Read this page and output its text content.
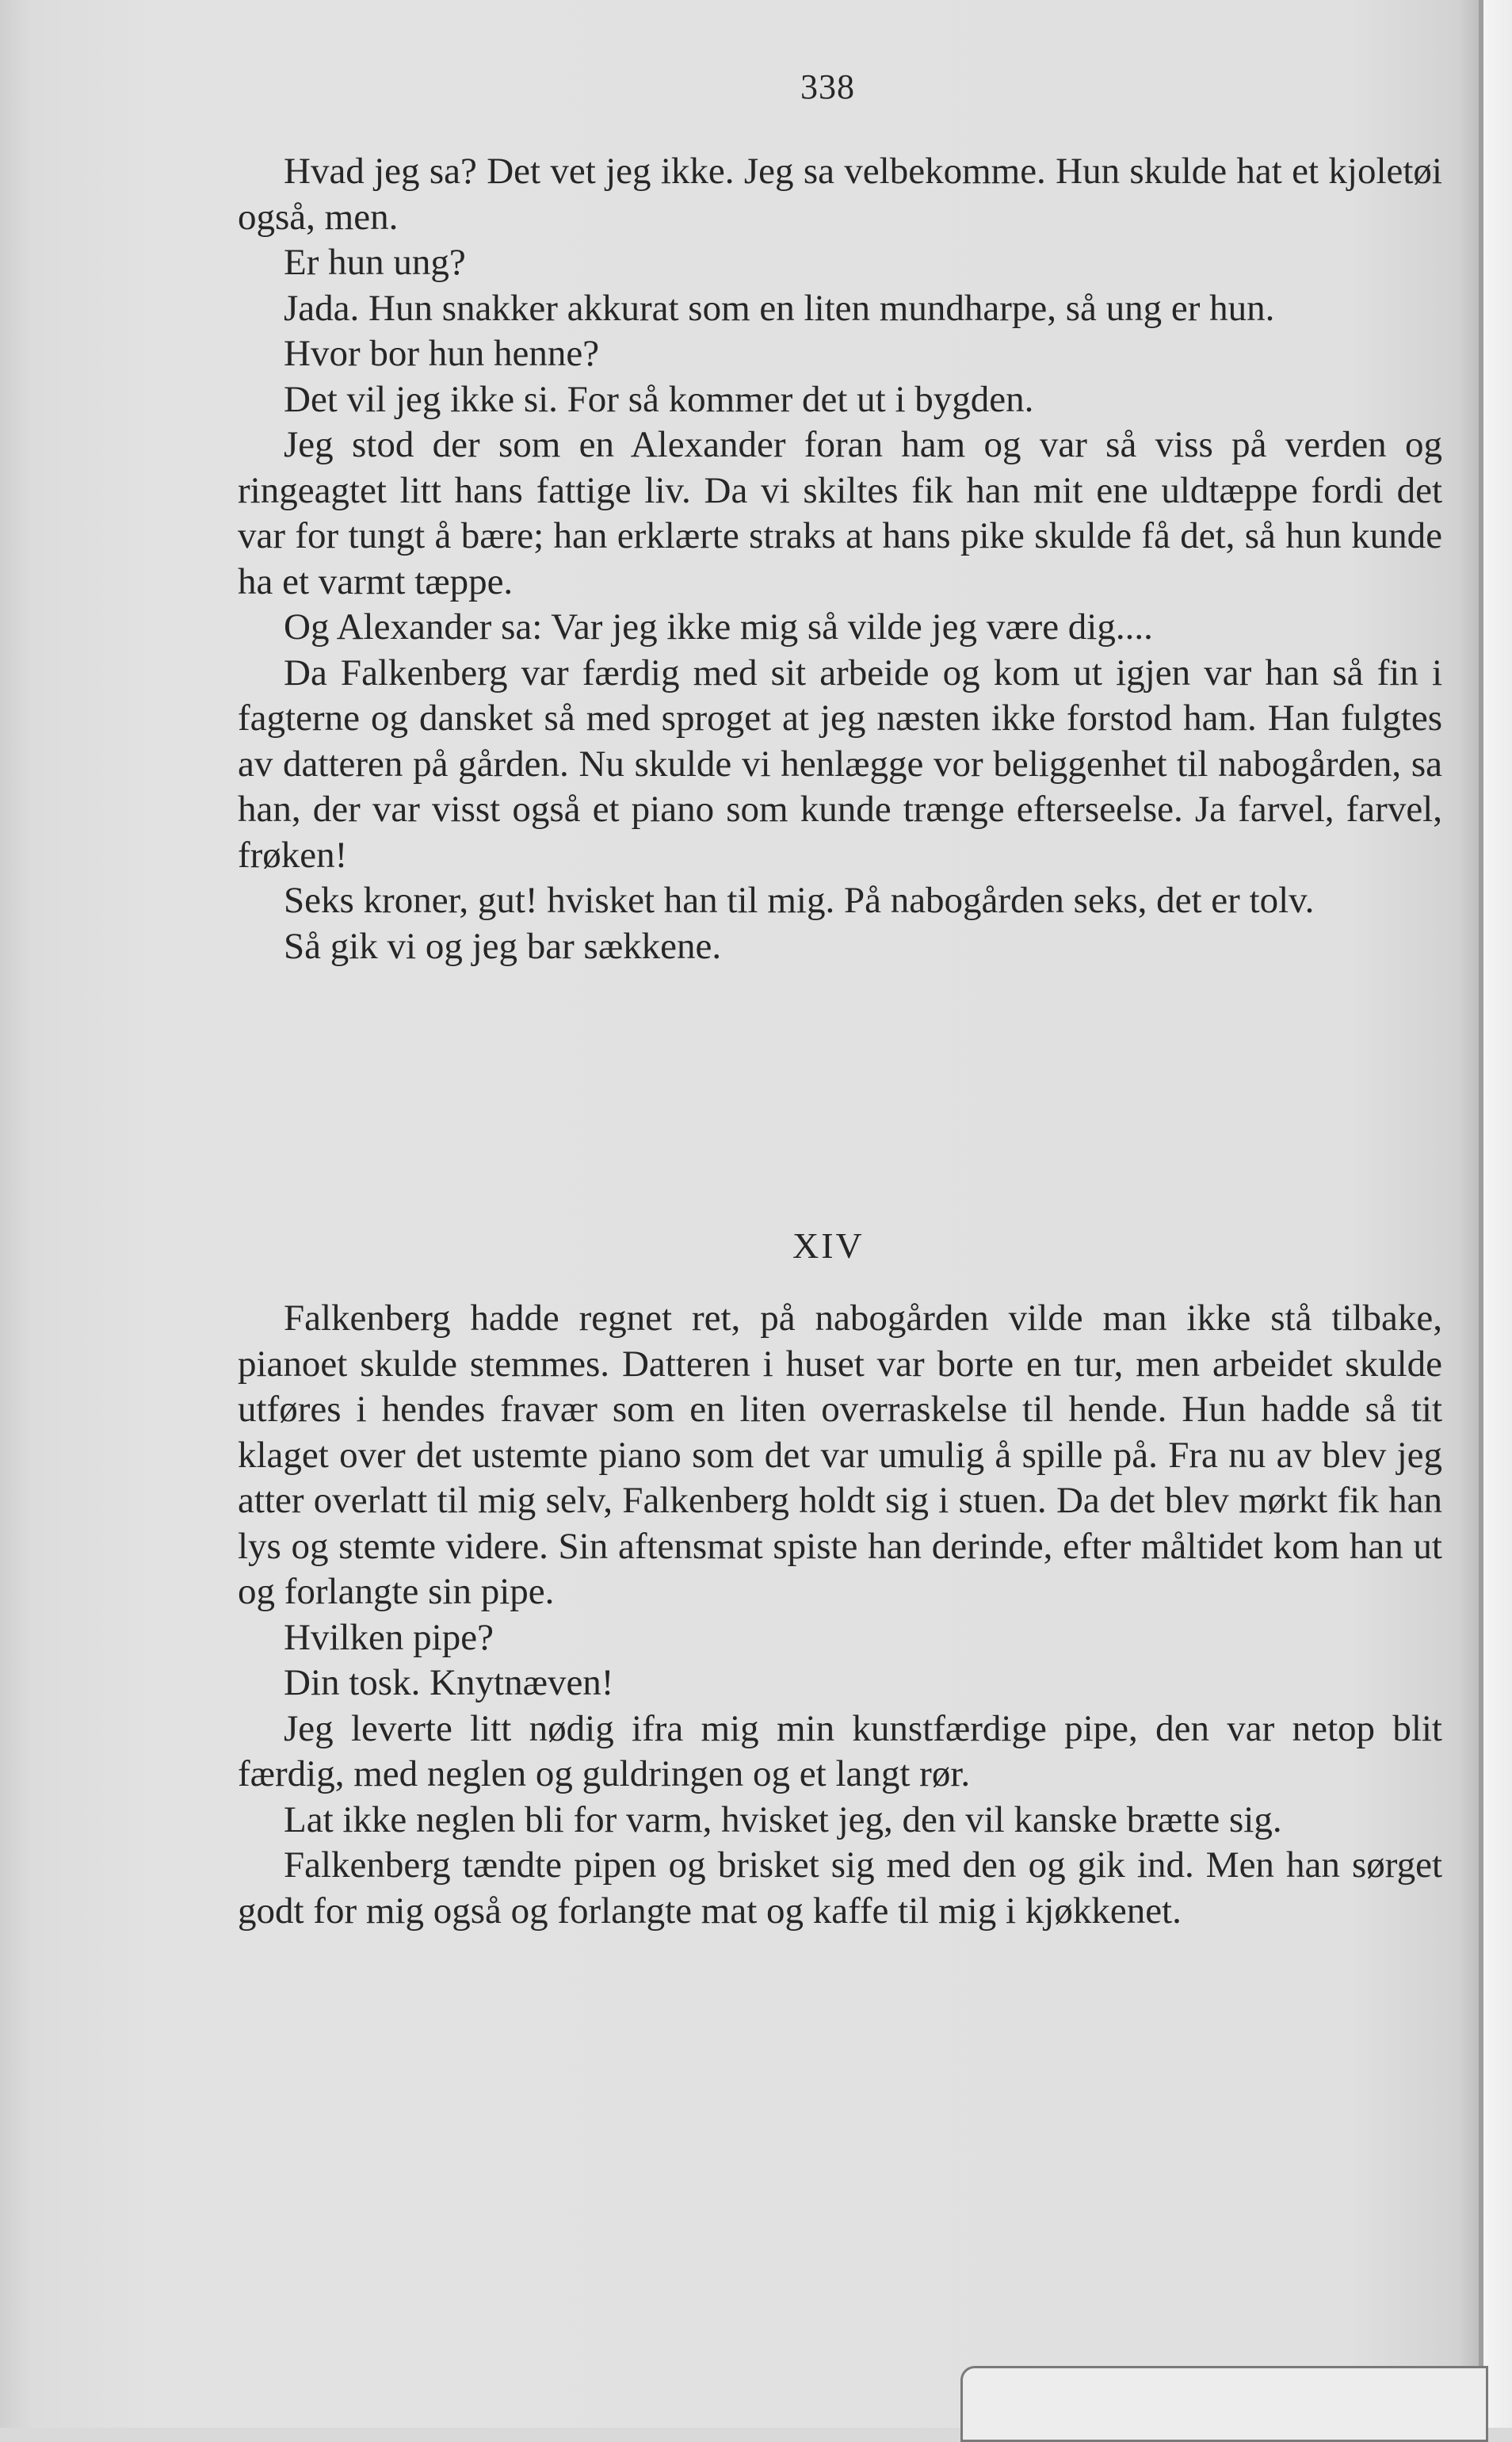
338

Hvad jeg sa? Det vet jeg ikke. Jeg sa velbekomme. Hun skulde hat et kjoletøi også, men.

Er hun ung?

Jada. Hun snakker akkurat som en liten mundharpe, så ung er hun.

Hvor bor hun henne?

Det vil jeg ikke si. For så kommer det ut i bygden.

Jeg stod der som en Alexander foran ham og var så viss på verden og ringeagtet litt hans fattige liv. Da vi skiltes fik han mit ene uldtæppe fordi det var for tungt å bære; han erklærte straks at hans pike skulde få det, så hun kunde ha et varmt tæppe.

Og Alexander sa: Var jeg ikke mig så vilde jeg være dig....

Da Falkenberg var færdig med sit arbeide og kom ut igjen var han så fin i fagterne og dansket så med sproget at jeg næsten ikke forstod ham. Han fulgtes av datteren på gården. Nu skulde vi henlægge vor beliggenhet til nabogården, sa han, der var visst også et piano som kunde trænge efterseelse. Ja farvel, farvel, frøken!

Seks kroner, gut! hvisket han til mig. På nabogården seks, det er tolv.

Så gik vi og jeg bar sækkene.

XIV

Falkenberg hadde regnet ret, på nabogården vilde man ikke stå tilbake, pianoet skulde stemmes. Datteren i huset var borte en tur, men arbeidet skulde utføres i hendes fravær som en liten overraskelse til hende. Hun hadde så tit klaget over det ustemte piano som det var umulig å spille på. Fra nu av blev jeg atter overlatt til mig selv, Falkenberg holdt sig i stuen. Da det blev mørkt fik han lys og stemte videre. Sin aftensmat spiste han derinde, efter måltidet kom han ut og forlangte sin pipe.

Hvilken pipe?

Din tosk. Knytnæven!

Jeg leverte litt nødig ifra mig min kunstfærdige pipe, den var netop blit færdig, med neglen og guldringen og et langt rør.

Lat ikke neglen bli for varm, hvisket jeg, den vil kanske brætte sig.

Falkenberg tændte pipen og brisket sig med den og gik ind. Men han sørget godt for mig også og forlangte mat og kaffe til mig i kjøkkenet.
